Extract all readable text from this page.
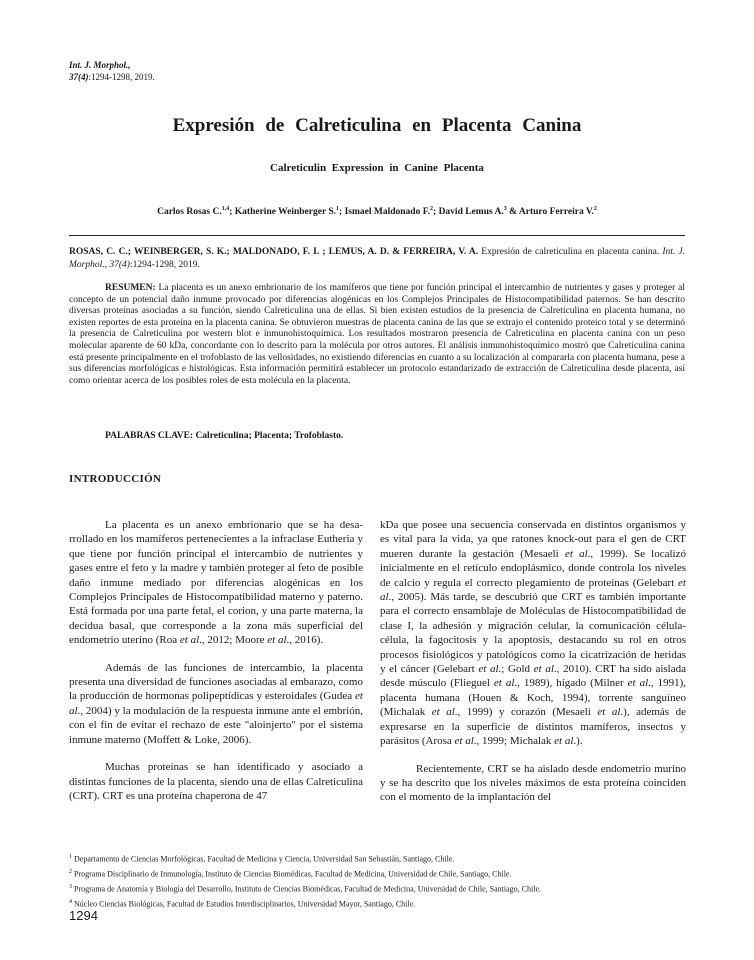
Int. J. Morphol.,
37(4):1294-1298, 2019.
Expresión de Calreticulina en Placenta Canina
Calreticulin Expression in Canine Placenta
Carlos Rosas C.$^{1,4}$; Katherine Weinberger S.$^1$; Ismael Maldonado F.$^2$; David Lemus A.$^3$ & Arturo Ferreira V.$^2$
ROSAS, C. C.; WEINBERGER, S. K.; MALDONADO, F. I. ; LEMUS, A. D. & FERREIRA, V. A. Expresión de calreticulina en placenta canina. Int. J. Morphol., 37(4):1294-1298, 2019.
RESUMEN: La placenta es un anexo embrionario de los mamíferos que tiene por función principal el intercambio de nutrientes y gases y proteger al concepto de un potencial daño inmune provocado por diferencias alogénicas en los Complejos Principales de Histocompatibilidad paternos. Se han descrito diversas proteínas asociadas a su función, siendo Calreticulina una de ellas. Si bien existen estudios de la presencia de Calreticulina en placenta humana, no existen reportes de esta proteína en la placenta canina. Se obtuvieron muestras de placenta canina de las que se extrajo el contenido proteico total y se determinó la presencia de Calreticulina por western blot e inmunohistoquímica. Los resultados mostraron presencia de Calreticulina en placenta canina con un peso molecular aparente de 60 kDa, concordante con lo descrito para la molécula por otros autores. El análisis inmunohistoquímico mostró que Calreticulina canina está presente principalmente en el trofoblasto de las vellosidades, no existiendo diferencias en cuanto a su localización al compararla con placenta humana, pese a sus diferencias morfológicas e histológicas. Esta información permitirá establecer un protocolo estandarizado de extracción de Calreticulina desde placenta, así como orientar acerca de los posibles roles de esta molécula en la placenta.
PALABRAS CLAVE: Calreticulina; Placenta; Trofoblasto.
INTRODUCCIÓN

La placenta es un anexo embrionario que se ha desarrollado en los mamíferos pertenecientes a la infraclase Eutheria y que tiene por función principal el intercambio de nutrientes y gases entre el feto y la madre y también proteger al feto de posible daño inmune mediado por diferencias alogénicas en los Complejos Principales de Histocompatibilidad materno y paterno. Está formada por una parte fetal, el corion, y una parte materna, la decidua basal, que corresponde a la zona más superficial del endometrio uterino (Roa et al., 2012; Moore et al., 2016).

Además de las funciones de intercambio, la placenta presenta una diversidad de funciones asociadas al embarazo, como la producción de hormonas polipeptídicas y esteroidales (Gudea et al., 2004) y la modulación de la respuesta inmune ante el embrión, con el fin de evitar el rechazo de este "aloinjerto" por el sistema inmune materno (Moffett & Loke, 2006).

Muchas proteínas se han identificado y asociado a distintas funciones de la placenta, siendo una de ellas Calreticulina (CRT). CRT es una proteína chaperona de 47

kDa que posee una secuencia conservada en distintos organismos y es vital para la vida, ya que ratones knock-out para el gen de CRT mueren durante la gestación (Mesaeli et al., 1999). Se localizó inicialmente en el retículo endoplásmico, donde controla los niveles de calcio y regula el correcto plegamiento de proteínas (Gelebart et al., 2005). Más tarde, se descubrió que CRT es también importante para el correcto ensamblaje de Moléculas de Histocompatibilidad de clase I, la adhesión y migración celular, la comunicación célula-célula, la fagocitosis y la apoptosis, destacando su rol en otros procesos fisiológicos y patológicos como la cicatrización de heridas y el cáncer (Gelebart et al.; Gold et al., 2010). CRT ha sido aislada desde músculo (Flieguel et al., 1989), hígado (Milner et al., 1991), placenta humana (Houen & Koch, 1994), torrente sanguíneo (Michalak et al., 1999) y corazón (Mesaeli et al.), además de expresarse en la superficie de distintos mamíferos, insectos y parásitos (Arosa et al., 1999; Michalak et al.).

Recientemente, CRT se ha aislado desde endometrio murino y se ha descrito que los niveles máximos de esta proteína coinciden con el momento de la implantación del

$^1$ Departamento de Ciencias Morfológicas, Facultad de Medicina y Ciencia, Universidad San Sebastián, Santiago, Chile.
$^2$ Programa Disciplinario de Inmunología, Instituto de Ciencias Biomédicas, Facultad de Medicina, Universidad de Chile, Santiago, Chile.
$^3$ Programa de Anatomía y Biología del Desarrollo, Instituto de Ciencias Biomédicas, Facultad de Medicina, Universidad de Chile, Santiago, Chile.
$^4$ Núcleo Ciencias Biológicas, Facultad de Estudios Interdisciplinarios, Universidad Mayor, Santiago, Chile.
1294
